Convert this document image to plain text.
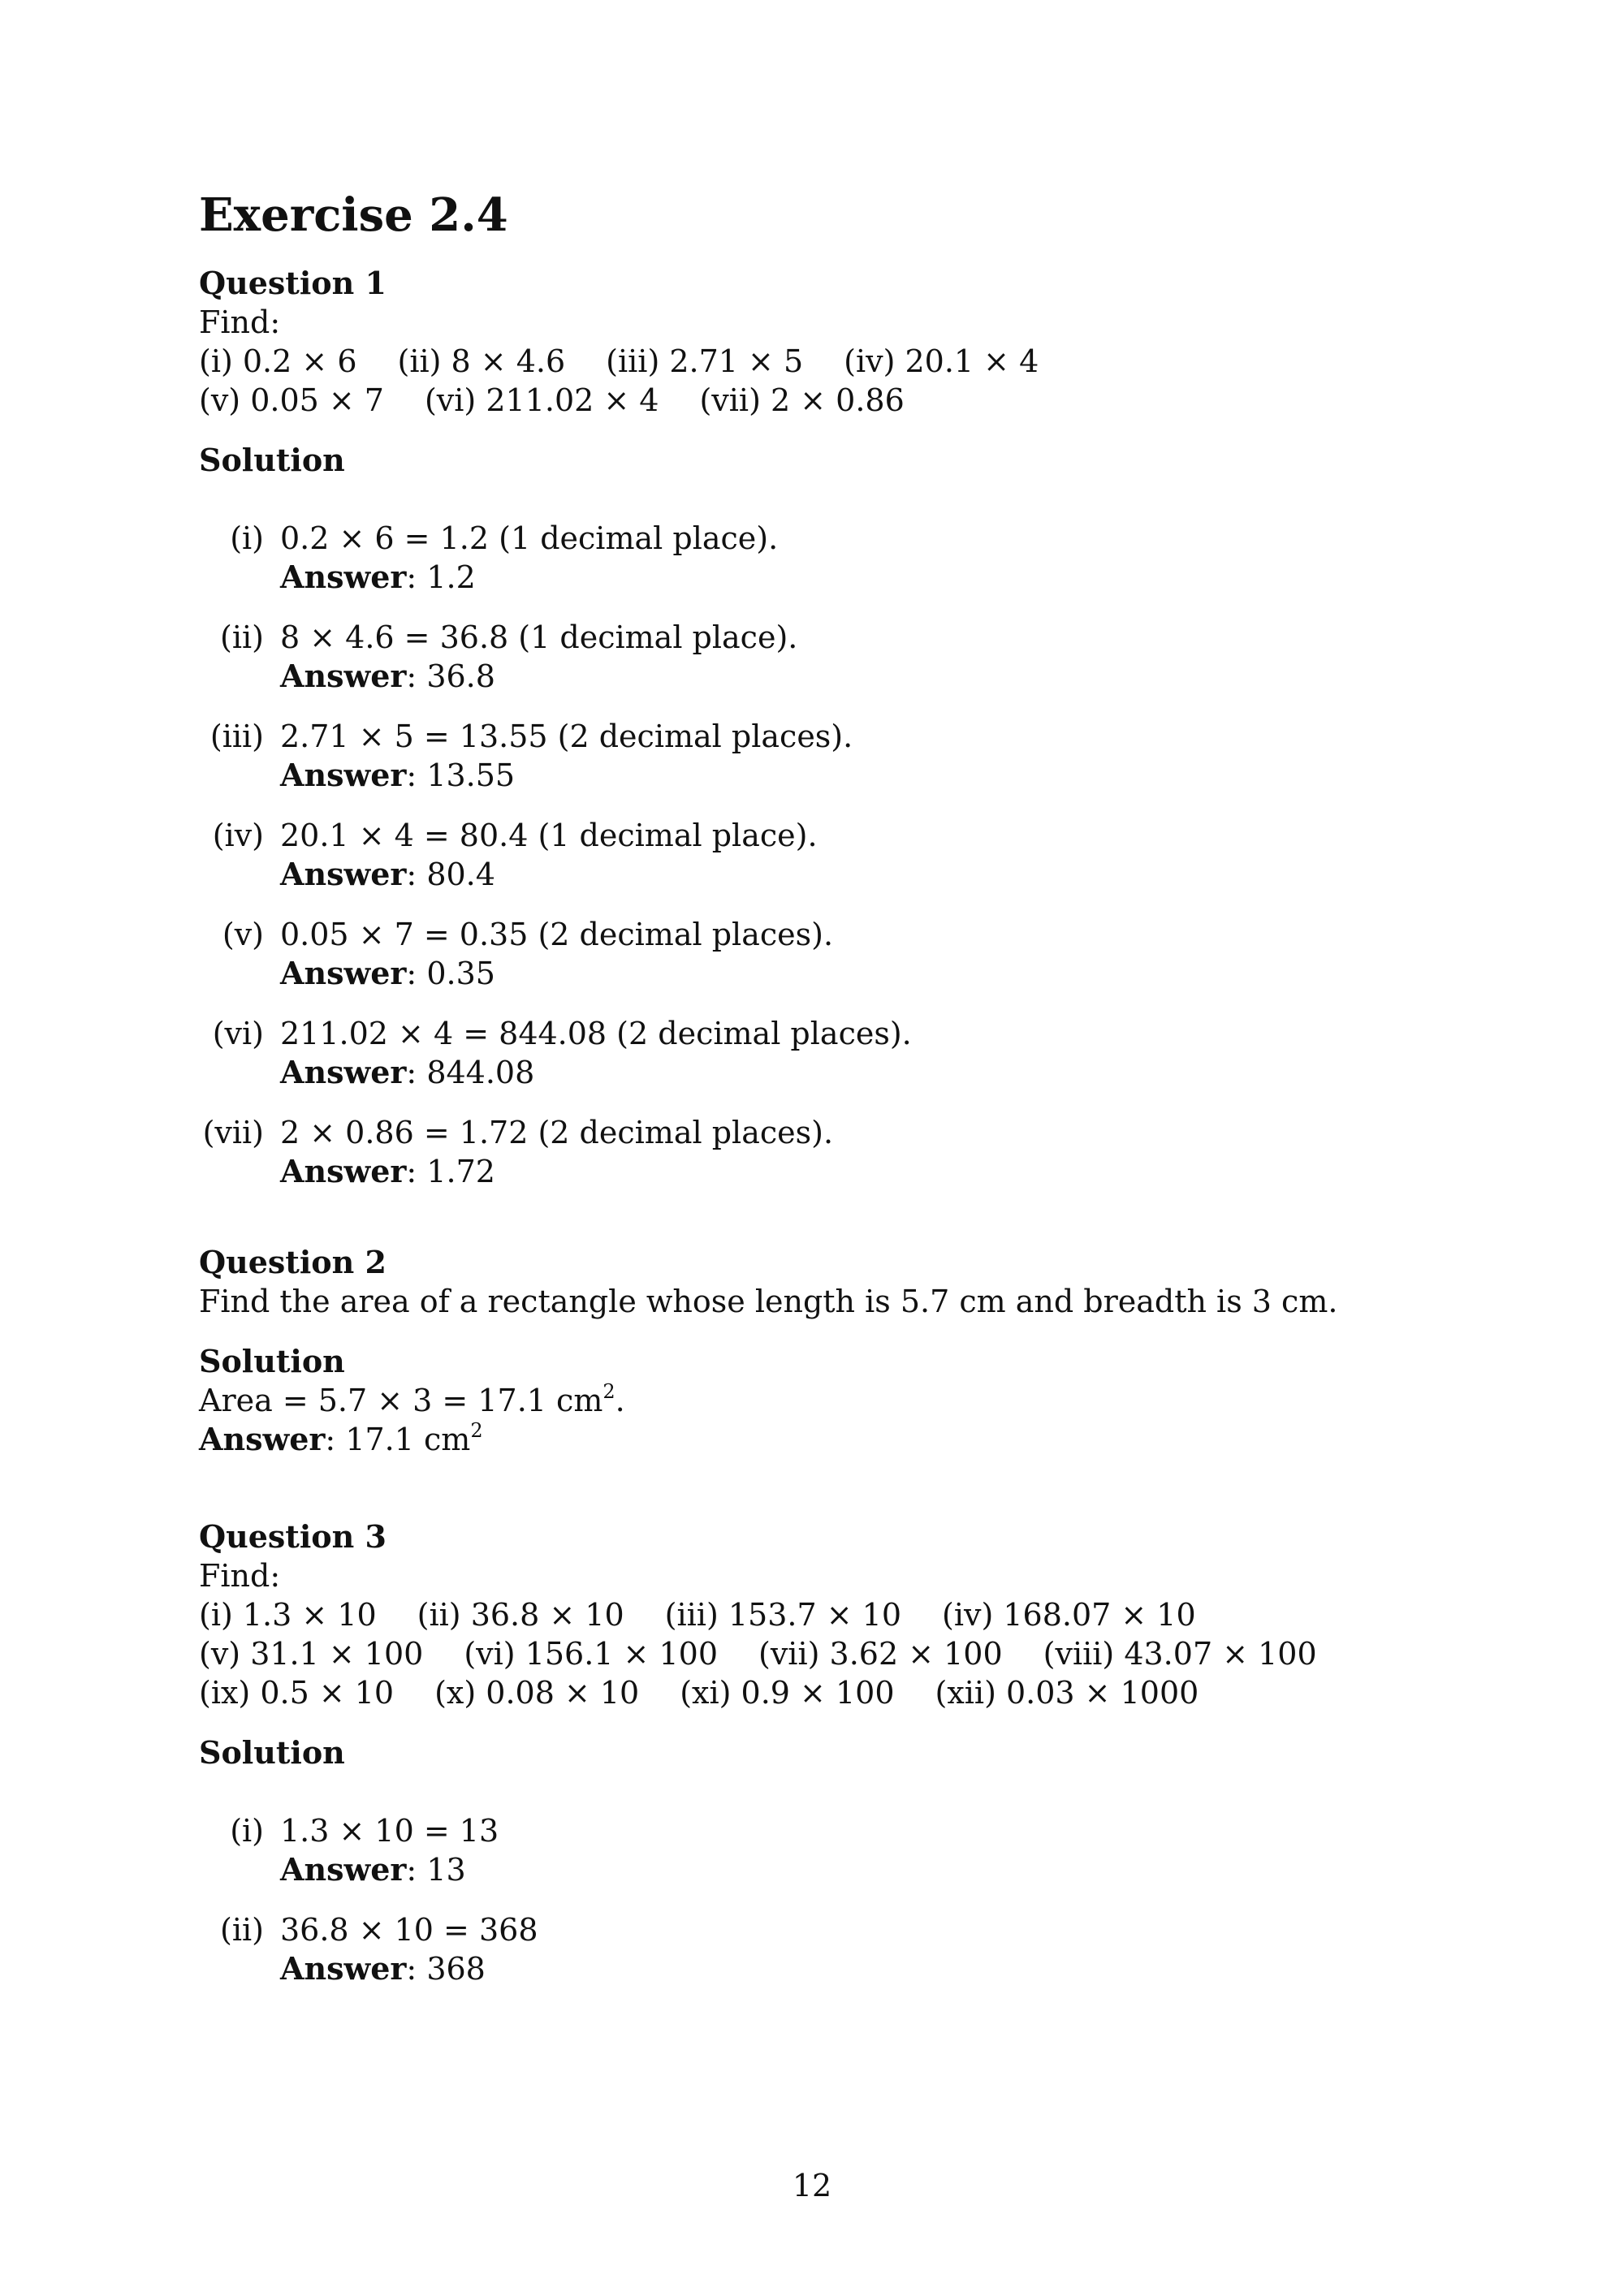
Exercise 2.4
Question 1
Find:
(i) 0.2 × 6 (ii) 8 × 4.6 (iii) 2.71 × 5 (iv) 20.1 × 4
(v) 0.05 × 7 (vi) 211.02 × 4 (vii) 2 × 0.86
Solution
(i) 0.2 × 6 = 1.2 (1 decimal place).
Answer: 1.2
(ii) 8 × 4.6 = 36.8 (1 decimal place).
Answer: 36.8
(iii) 2.71 × 5 = 13.55 (2 decimal places).
Answer: 13.55
(iv) 20.1 × 4 = 80.4 (1 decimal place).
Answer: 80.4
(v) 0.05 × 7 = 0.35 (2 decimal places).
Answer: 0.35
(vi) 211.02 × 4 = 844.08 (2 decimal places).
Answer: 844.08
(vii) 2 × 0.86 = 1.72 (2 decimal places).
Answer: 1.72
Question 2
Find the area of a rectangle whose length is 5.7 cm and breadth is 3 cm.
Solution
Area = 5.7 × 3 = 17.1 $cm^2$.
Answer: 17.1 $cm^2$
Question 3
Find:
(i) 1.3 × 10 (ii) 36.8 × 10 (iii) 153.7 × 10 (iv) 168.07 × 10
(v) 31.1 × 100 (vi) 156.1 × 100 (vii) 3.62 × 100 (viii) 43.07 × 100
(ix) 0.5 × 10 (x) 0.08 × 10 (xi) 0.9 × 100 (xii) 0.03 × 1000
Solution
(i) 1.3 × 10 = 13
Answer: 13
(ii) 36.8 × 10 = 368
Answer: 368
12
